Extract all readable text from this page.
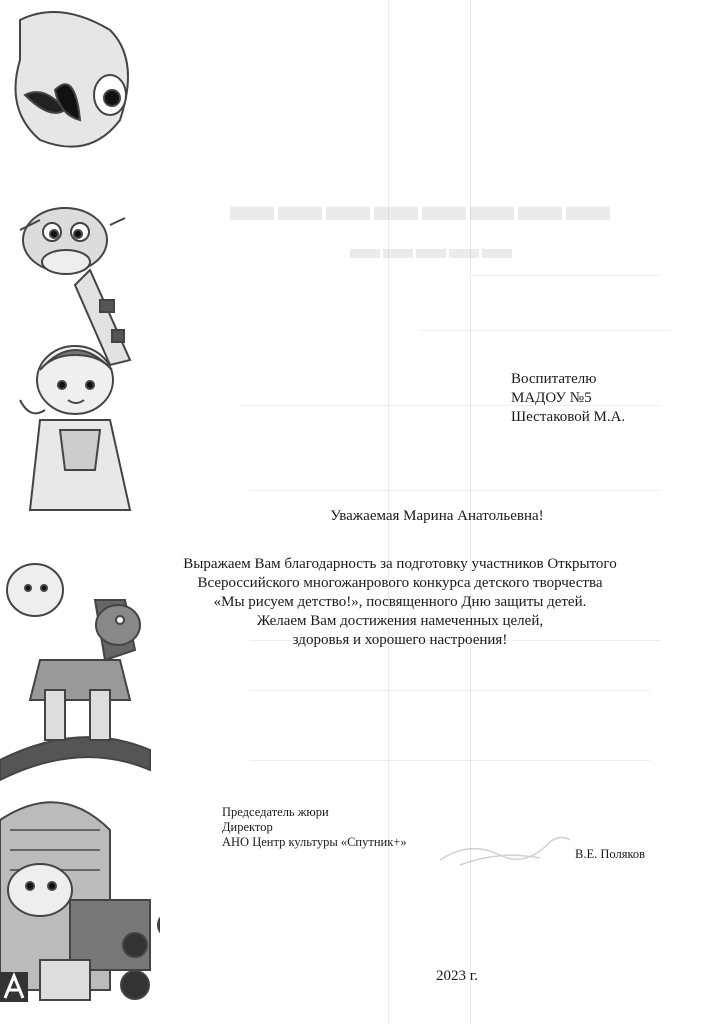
▬▬▬▬▬▬▬▬
▬▬▬▬▬
Воспитателю
МАДОУ №5
Шестаковой М.А.
Уважаемая Марина Анатольевна!
Выражаем Вам благодарность за подготовку участников Открытого
Всероссийского многожанрового конкурса детского творчества
«Мы рисуем детство!», посвященного Дню защиты детей.
Желаем Вам достижения намеченных целей,
здоровья и хорошего настроения!
Председатель жюри
Директор
АНО Центр культуры «Спутник+»
В.Е. Поляков
2023 г.
